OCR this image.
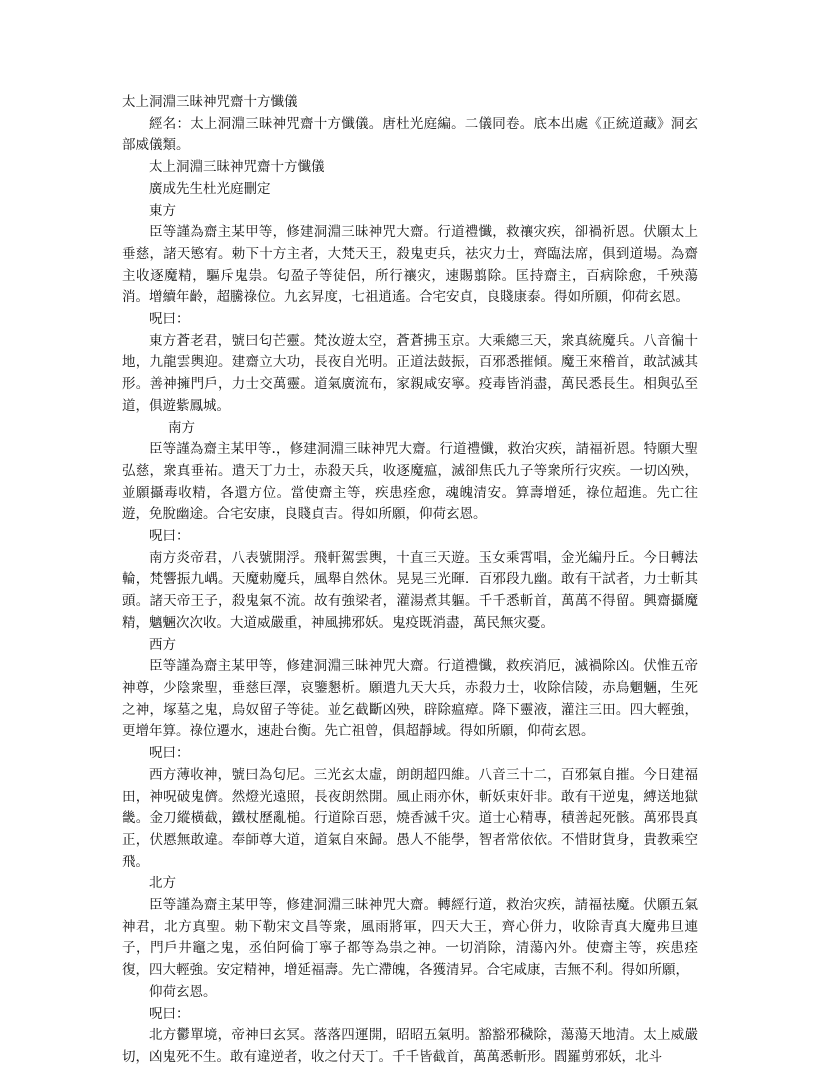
太上洞淵三昧神咒齋十方懺儀

經名：太上洞淵三昧神咒齋十方懺儀。唐杜光庭編。二儀同卷。底本出處《正統道藏》洞玄部威儀類。

太上洞淵三昧神咒齋十方懺儀

廣成先生杜光庭刪定

東方

臣等謹為齋主某甲等，修建洞淵三昧神咒大齋。行道禮懺，救禳灾疾，卻禍祈恩。伏願太上垂慈，諸天慜宥。勅下十方主者，大梵天王，殺鬼吏兵，祛灾力士，齊臨法席，俱到道場。為齋主收逐魔精，驅斥鬼祟。匂盈子等徒侶，所行禳灾，速賜翦除。匡持齋主，百病除愈，千殃蕩消。增續年齡，超騰祿位。九玄昇度，七祖逍遙。合宅安貞，良賤康泰。得如所願，仰荷玄恩。

呪曰：

東方蒼老君，號曰匂芒靈。梵汝遊太空，蒼蒼拂玉京。大乘總三天，衆真統魔兵。八音徧十地，九龍雲輿迎。建齋立大功，長夜自光明。正道法鼓振，百邪悉摧傾。魔王來稽首，敢試滅其形。善神擁門戶，力士交萬靈。道氣廣流布，家親咸安寧。疫毒皆消盡，萬民悉長生。相與弘至道，俱遊紫鳳城。

南方

臣等謹為齋主某甲等.，修建洞淵三昧神咒大齋。行道禮懺，救治灾疾，請福祈恩。特願大聖弘慈，衆真垂祐。遣天丁力士，赤殺天兵，收逐魔瘟，滅卻焦氏九子等衆所行灾疾。一切凶殃，並願攝毒收精，各還方位。當使齋主等，疾患痊愈，魂魄清安。算壽增延，祿位超進。先亡往遊，免脫幽途。合宅安康，良賤貞吉。得如所願，仰荷玄恩。

呪曰：

南方炎帝君，八表號開浮。飛軒駕雲輿，十直三天遊。玉女乘霄唱，金光編丹丘。今日轉法輪，梵響振九嵎。天魔勅魔兵，風舉自然休。晃晃三光暉．百邪段九幽。敢有干試者，力士斬其頭。諸天帝王子，殺鬼氣不流。故有強梁者，灌湯煮其軀。千千悉斬首，萬萬不得留。興齋攝魔精，魑魎次次收。大道威嚴重，神風拂邪妖。鬼疫既消盡，萬民無灾憂。

西方

臣等謹為齋主某甲等，修建洞淵三昧神咒大齋。行道禮懺，救疾消厄，滅禍除凶。伏惟五帝神尊，少陰衆聖，垂慈巨澤，哀鑒懇析。願遣九天大兵，赤殺力士，收除信陵，赤烏魍魎，生死之神，塚墓之鬼，烏奴留子等徒。並乞截斷凶殃，辟除瘟瘴。降下靈液，灌注三田。四大輕強，更增年算。祿位遷水，速赴台衡。先亡祖曾，俱超靜域。得如所願，仰荷玄恩。

呪曰：

西方薄收神，號曰為匂尼。三光玄太虛，朗朗超四維。八音三十二，百邪氣自摧。今日建福田，神呪破鬼儕。然燈光遠照，長夜朗然開。風止雨亦休，斬妖束奸非。敢有干逆鬼，縛送地獄畿。金刀縱橫截，鐵杖歷亂槌。行道除百惡，燒香滅千灾。道士心精專，積善起死骸。萬邪畏真正，伏慝無敢違。奉師尊大道，道氣自來歸。愚人不能學，智者常依依。不惜財貨身，貴教乘空飛。

北方

臣等謹為齋主某甲等，修建洞淵三昧神咒大齋。轉經行道，救治灾疾，請福祛魔。伏願五氣神君，北方真聖。勅下勒宋文昌等衆，風雨將軍，四天大王，齊心併力，收除青真大魔弗旦連子，門戶井竈之鬼，丞伯阿倫丁寧子都等為祟之神。一切消除，清蕩內外。使齋主等，疾患痊復，四大輕強。安定精神，增延福壽。先亡滯魄，各獲清昇。合宅咸康，吉無不利。得如所願，

仰荷玄恩。

呪曰：

北方鬱單境，帝神曰玄冥。落落四運開，昭昭五氣明。豁豁邪穢除，蕩蕩天地清。太上威嚴切，凶鬼死不生。敢有違逆者，收之付天丁。千千皆截首，萬萬悉斬形。閻羅剪邪妖，北斗
